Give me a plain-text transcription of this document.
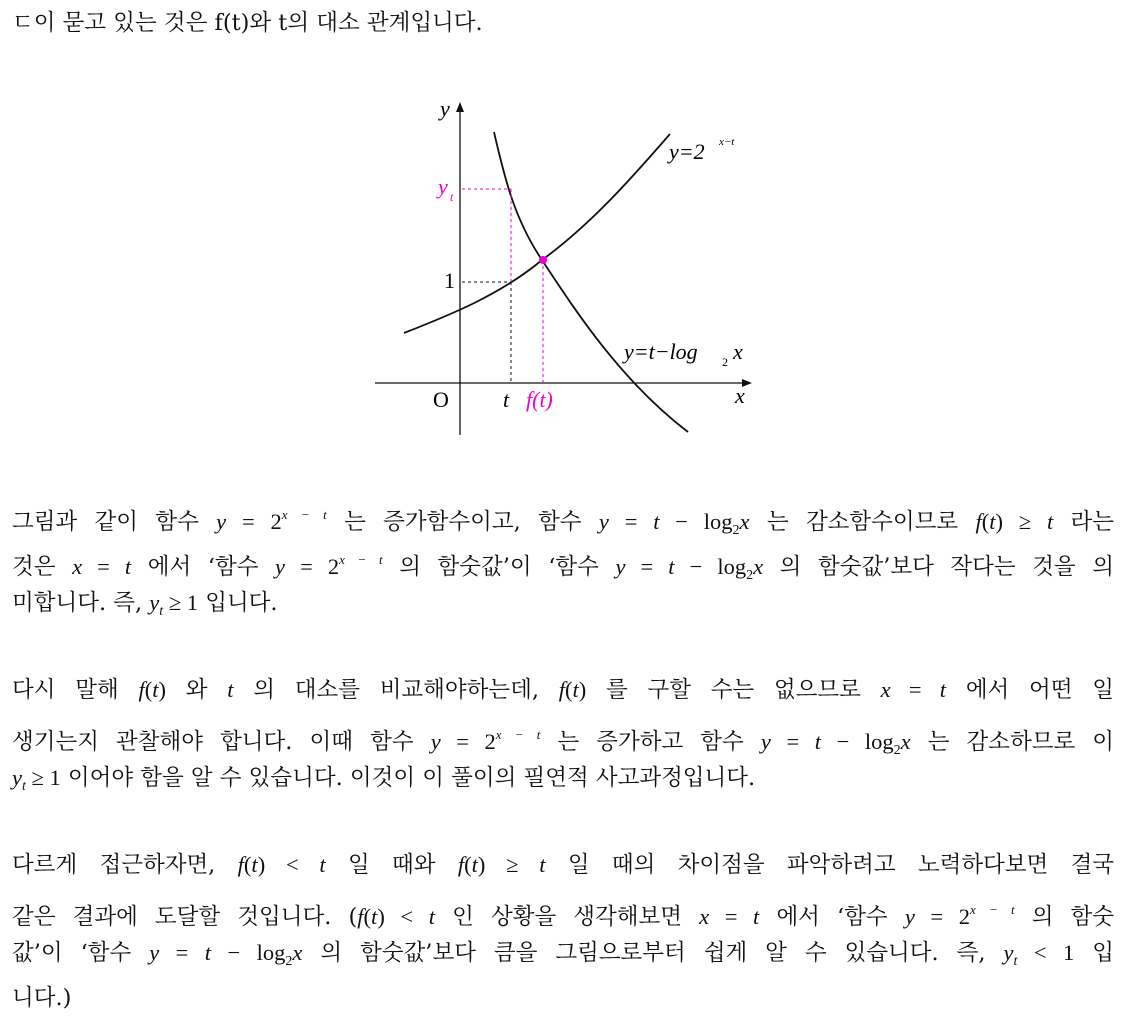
ㄷ이 묻고 있는 것은 f(t)와 t의 대소 관계입니다.
y
x
O
1
y t
t f(t)
y=2 x−t
y=t−log 2 x
그림과 같이 함수 $y = 2^{x - t}$ 는 증가함수이고, 함수 $y = t - \log_2x$ 는 감소함수이므로 f(t) ≥ t 라는
것은 x = t 에서 ‘함수 $y = 2^{x - t}$ 의 함숫값’이 ‘함수 $y = t - \log_2x$ 의 함숫값’보다 작다는 것을 의
미합니다. 즉, $y_t \ge 1$ 입니다.
다시 말해 f(t) 와 t 의 대소를 비교해야하는데, f(t) 를 구할 수는 없으므로 x = t 에서 어떤 일
생기는지 관찰해야 합니다. 이때 함수 $y = 2^{x - t}$ 는 증가하고 함수 $y = t - \log_2x$ 는 감소하므로 이
$y_t \ge 1$ 이어야 함을 알 수 있습니다. 이것이 이 풀이의 필연적 사고과정입니다.
다르게 접근하자면, f(t) < t 일 때와 f(t) ≥ t 일 때의 차이점을 파악하려고 노력하다보면 결국
같은 결과에 도달할 것입니다. (f(t) < t 인 상황을 생각해보면 x = t 에서 ‘함수 $y = 2^{x - t}$ 의 함숫
값’이 ‘함수 $y = t - \log_2x$ 의 함숫값’보다 큼을 그림으로부터 쉽게 알 수 있습니다. 즉, $y_t < 1$ 입
니다.)
